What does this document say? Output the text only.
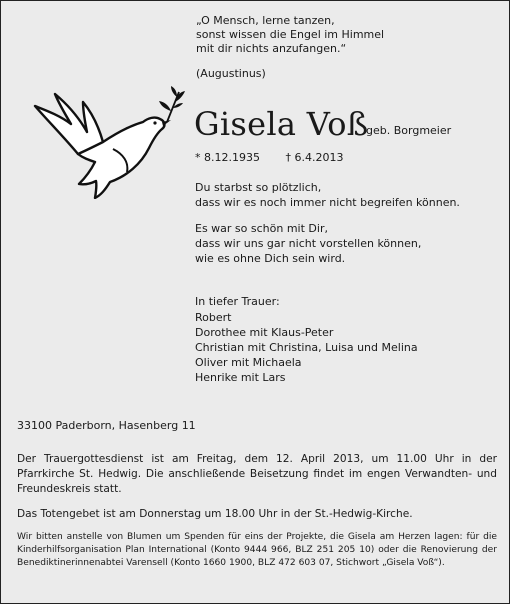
„O Mensch, lerne tanzen,
sonst wissen die Engel im Himmel
mit dir nichts anzufangen.“
(Augustinus)
Gisela Voß
geb. Borgmeier
* 8.12.1935 † 6.4.2013
Du starbst so plötzlich,
dass wir es noch immer nicht begreifen können.
Es war so schön mit Dir,
dass wir uns gar nicht vorstellen können,
wie es ohne Dich sein wird.
In tiefer Trauer:
Robert
Dorothee mit Klaus-Peter
Christian mit Christina, Luisa und Melina
Oliver mit Michaela
Henrike mit Lars
33100 Paderborn, Hasenberg 11
Der Trauergottesdienst ist am Freitag, dem 12. April 2013, um 11.00 Uhr in der Pfarrkirche St. Hedwig. Die anschließende Beisetzung findet im engen Verwandten- und Freundeskreis statt.
Das Totengebet ist am Donnerstag um 18.00 Uhr in der St.-Hedwig-Kirche.
Wir bitten anstelle von Blumen um Spenden für eins der Projekte, die Gisela am Herzen lagen: für die Kinderhilfsorganisation Plan International (Konto 9444 966, BLZ 251 205 10) oder die Renovierung der Benediktinerinnenabtei Varensell (Konto 1660 1900, BLZ 472 603 07, Stichwort „Gisela Voß“).
